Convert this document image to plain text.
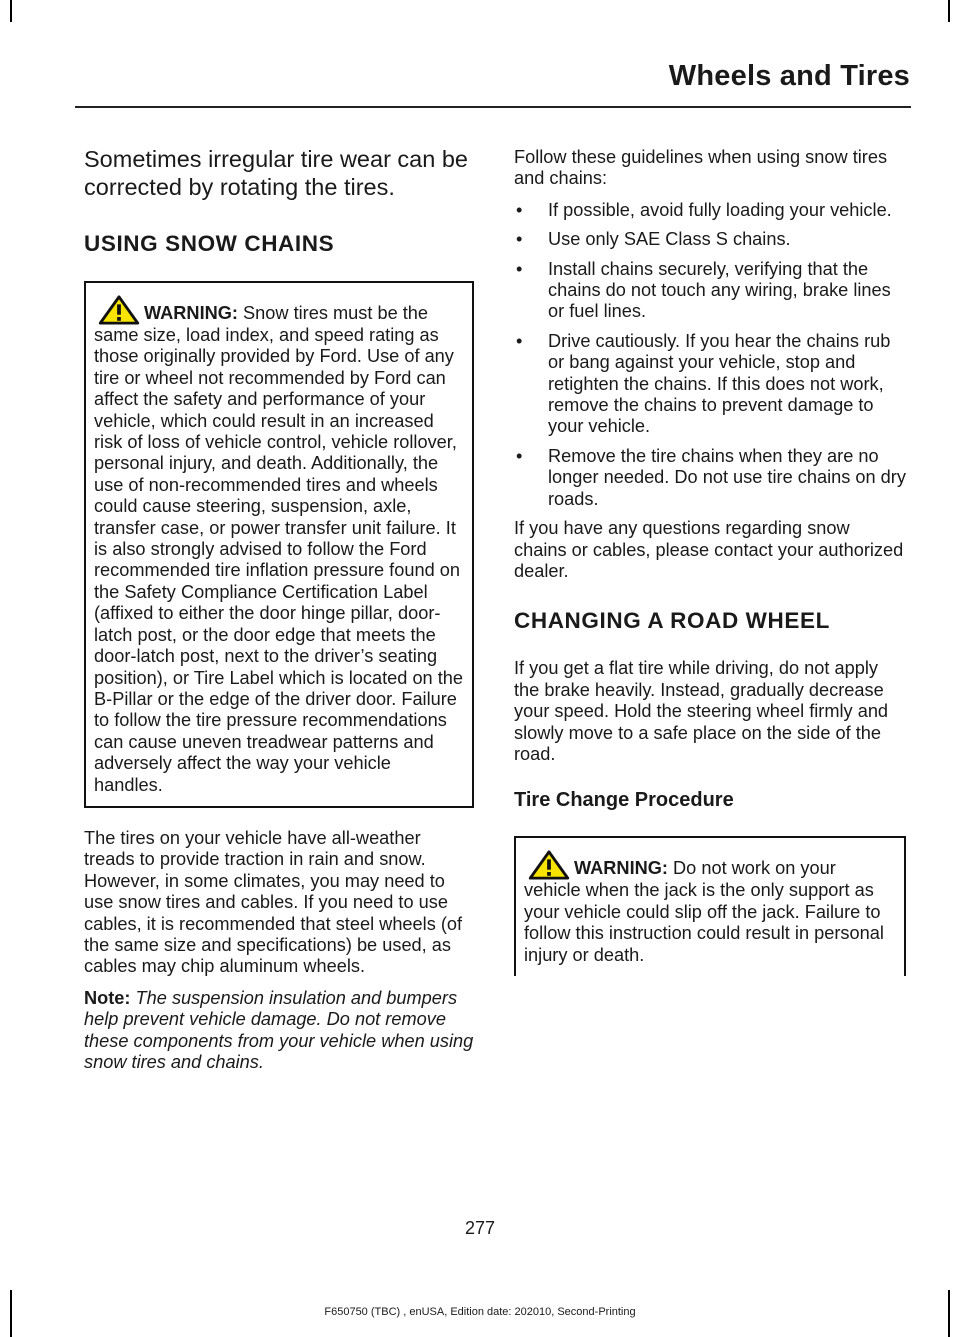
Wheels and Tires

Sometimes irregular tire wear can be corrected by rotating the tires.

USING SNOW CHAINS

WARNING: Snow tires must be the same size, load index, and speed rating as those originally provided by Ford. Use of any tire or wheel not recommended by Ford can affect the safety and performance of your vehicle, which could result in an increased risk of loss of vehicle control, vehicle rollover, personal injury, and death. Additionally, the use of non-recommended tires and wheels could cause steering, suspension, axle, transfer case, or power transfer unit failure. It is also strongly advised to follow the Ford recommended tire inflation pressure found on the Safety Compliance Certification Label (affixed to either the door hinge pillar, door-latch post, or the door edge that meets the door-latch post, next to the driver’s seating position), or Tire Label which is located on the B-Pillar or the edge of the driver door. Failure to follow the tire pressure recommendations can cause uneven treadwear patterns and adversely affect the way your vehicle handles.

The tires on your vehicle have all-weather treads to provide traction in rain and snow. However, in some climates, you may need to use snow tires and cables. If you need to use cables, it is recommended that steel wheels (of the same size and specifications) be used, as cables may chip aluminum wheels.

Note: The suspension insulation and bumpers help prevent vehicle damage. Do not remove these components from your vehicle when using snow tires and chains.

Follow these guidelines when using snow tires and chains:

• If possible, avoid fully loading your vehicle.
• Use only SAE Class S chains.
• Install chains securely, verifying that the chains do not touch any wiring, brake lines or fuel lines.
• Drive cautiously. If you hear the chains rub or bang against your vehicle, stop and retighten the chains. If this does not work, remove the chains to prevent damage to your vehicle.
• Remove the tire chains when they are no longer needed. Do not use tire chains on dry roads.

If you have any questions regarding snow chains or cables, please contact your authorized dealer.

CHANGING A ROAD WHEEL

If you get a flat tire while driving, do not apply the brake heavily. Instead, gradually decrease your speed. Hold the steering wheel firmly and slowly move to a safe place on the side of the road.

Tire Change Procedure

WARNING: Do not work on your vehicle when the jack is the only support as your vehicle could slip off the jack. Failure to follow this instruction could result in personal injury or death.

277
F650750 (TBC) , enUSA, Edition date: 202010, Second-Printing
